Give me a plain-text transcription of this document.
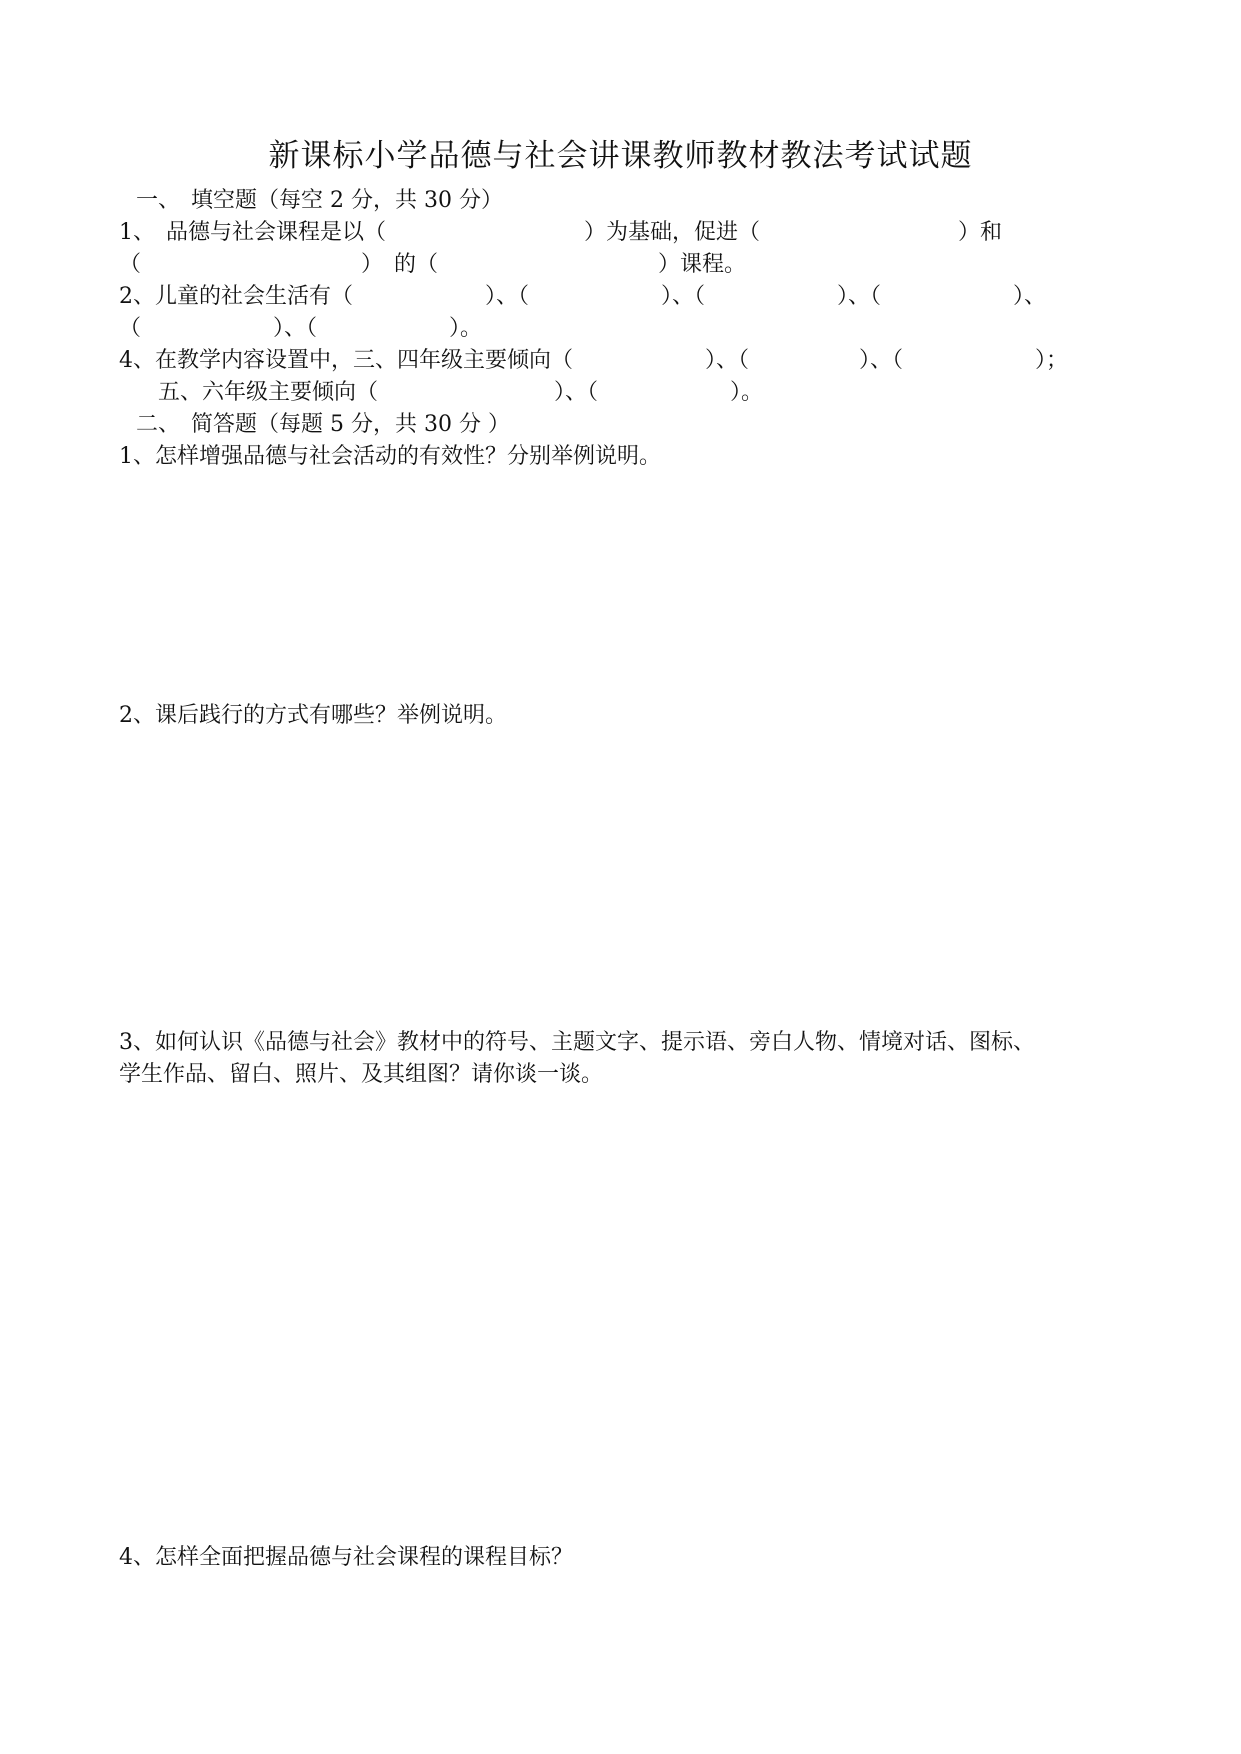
新课标小学品德与社会讲课教师教材教法考试试题
一、　填空题（每空 2 分，共 30 分）
1、　品德与社会课程是以（　　　　　　　　　）为基础，促进（　　　　　　　　　）和
（　　　　　　　　　　）　的（　　　　　　　　　　）课程。
2、儿童的社会生活有（　　　　　　）、（　　　　　　）、（　　　　　　）、（　　　　　　）、
（　　　　　　）、（　　　　　　）。
4、在教学内容设置中，三、四年级主要倾向（　　　　　　）、（　　　　　）、（　　　　　　）；
五、六年级主要倾向（　　　　　　　　）、（　　　　　　）。
二、　简答题（每题 5 分，共 30 分 ）
1、怎样增强品德与社会活动的有效性？分别举例说明。
2、课后践行的方式有哪些？举例说明。
3、如何认识《品德与社会》教材中的符号、主题文字、提示语、旁白人物、情境对话、图标、
学生作品、留白、照片、及其组图？请你谈一谈。
4、怎样全面把握品德与社会课程的课程目标？
